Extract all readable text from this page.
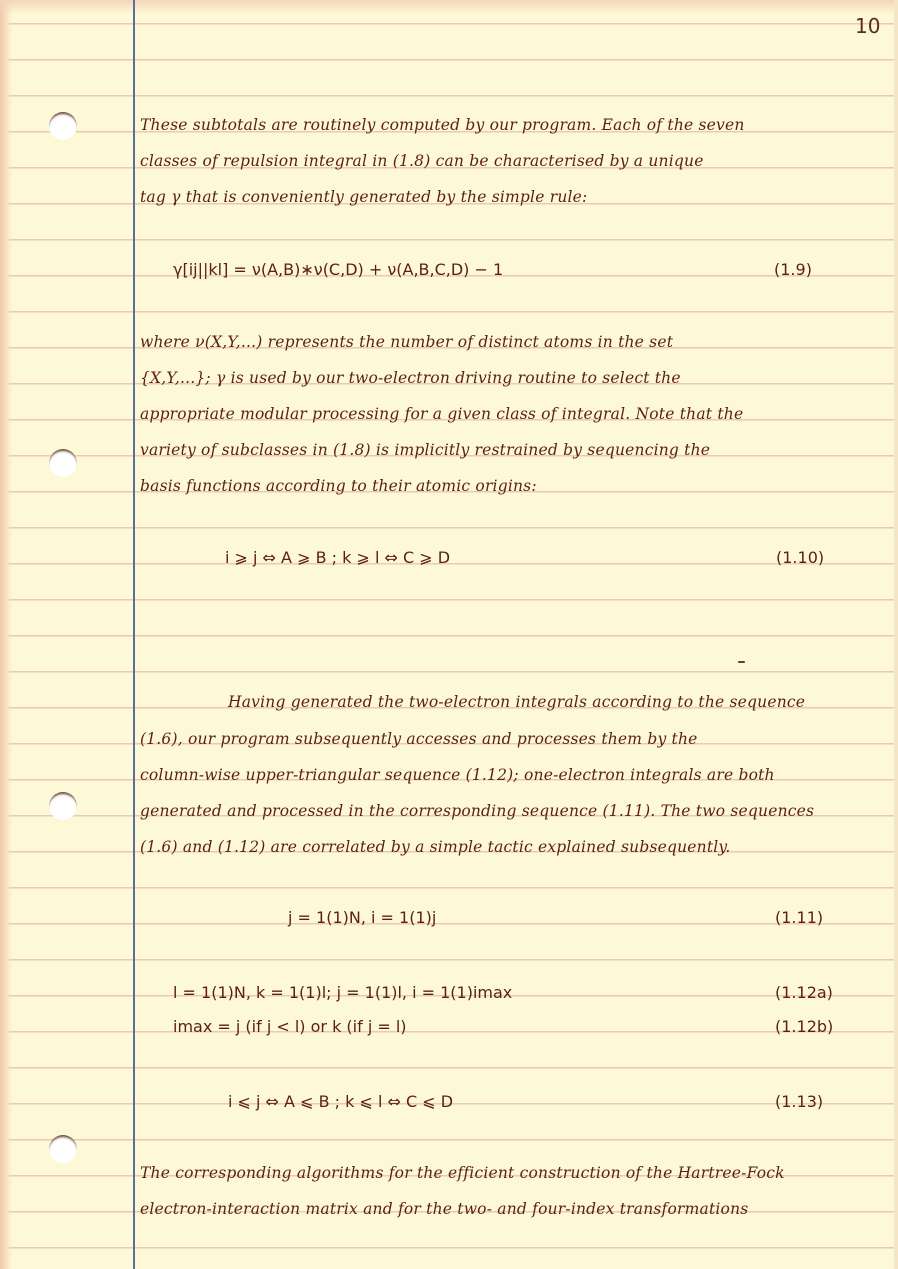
10
These subtotals are routinely computed by our program. Each of the seven
classes of repulsion integral in (1.8) can be characterised by a unique
tag γ that is conveniently generated by the simple rule:
γ[ij||kl] = ν(A,B)∗ν(C,D) + ν(A,B,C,D) − 1	(1.9)
where ν(X,Y,...) represents the number of distinct atoms in the set
{X,Y,...}; γ is used by our two-electron driving routine to select the
appropriate modular processing for a given class of integral. Note that the
variety of subclasses in (1.8) is implicitly restrained by sequencing the
basis functions according to their atomic origins:
i ⩾ j ⇔ A ⩾ B ; k ⩾ l ⇔ C ⩾ D	(1.10)
Having generated the two-electron integrals according to the sequence
(1.6), our program subsequently accesses and processes them by the
column-wise upper-triangular sequence (1.12); one-electron integrals are both
generated and processed in the corresponding sequence (1.11). The two sequences
(1.6) and (1.12) are correlated by a simple tactic explained subsequently.
j = 1(1)N, i = 1(1)j	(1.11)
l = 1(1)N, k = 1(1)l; j = 1(1)l, i = 1(1)imax	(1.12a)
imax = j (if j < l) or k (if j = l)	(1.12b)
i ⩽ j ⇔ A ⩽ B ; k ⩽ l ⇔ C ⩽ D	(1.13)
The corresponding algorithms for the efficient construction of the Hartree-Fock
electron-interaction matrix and for the two- and four-index transformations
